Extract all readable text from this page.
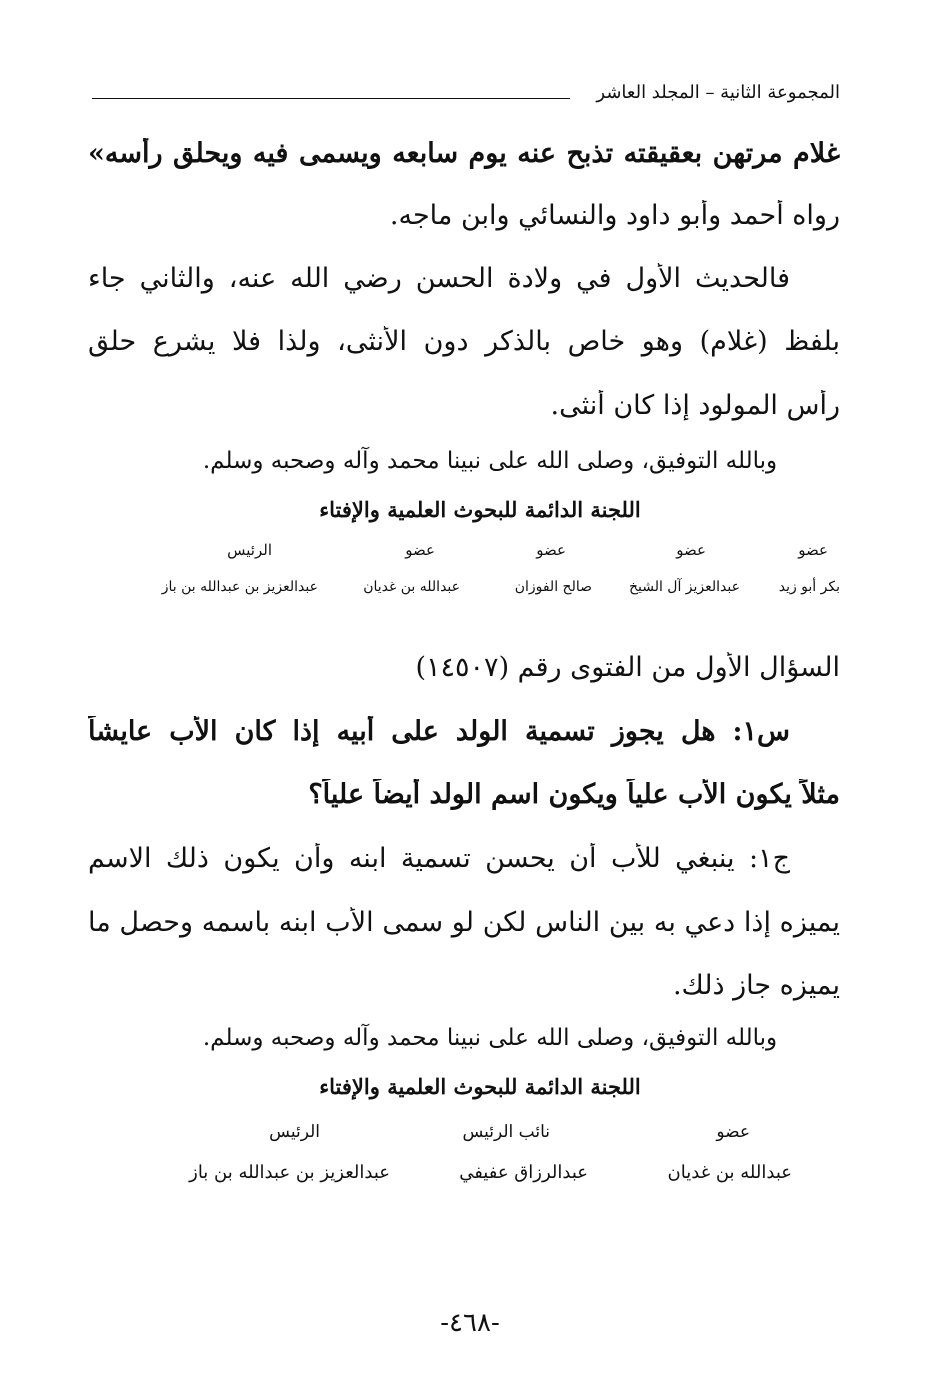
المجموعة الثانية – المجلد العاشر
غلام مرتهن بعقيقته تذبح عنه يوم سابعه ويسمى فيه ويحلق رأسه»
رواه أحمد وأبو داود والنسائي وابن ماجه.
فالحديث الأول في ولادة الحسن رضي الله عنه، والثاني جاء
بلفظ (غلام) وهو خاص بالذكر دون الأنثى، ولذا فلا يشرع حلق
رأس المولود إذا كان أنثى.
وبالله التوفيق، وصلى الله على نبينا محمد وآله وصحبه وسلم.
اللجنة الدائمة للبحوث العلمية والإفتاء
عضو
عضو
عضو
عضو
الرئيس
بكر أبو زيد
عبدالعزيز آل الشيخ
صالح الفوزان
عبدالله بن غديان
عبدالعزيز بن عبدالله بن باز
السؤال الأول من الفتوى رقم (١٤٥٠٧)
س١: هل يجوز تسمية الولد على أبيه إذا كان الأب عايشاً
مثلاً يكون الأب علياً ويكون اسم الولد أيضاً علياً؟
ج١: ينبغي للأب أن يحسن تسمية ابنه وأن يكون ذلك الاسم
يميزه إذا دعي به بين الناس لكن لو سمى الأب ابنه باسمه وحصل ما
يميزه جاز ذلك.
وبالله التوفيق، وصلى الله على نبينا محمد وآله وصحبه وسلم.
اللجنة الدائمة للبحوث العلمية والإفتاء
عضو
نائب الرئيس
الرئيس
عبدالله بن غديان
عبدالرزاق عفيفي
عبدالعزيز بن عبدالله بن باز
-٤٦٨-
